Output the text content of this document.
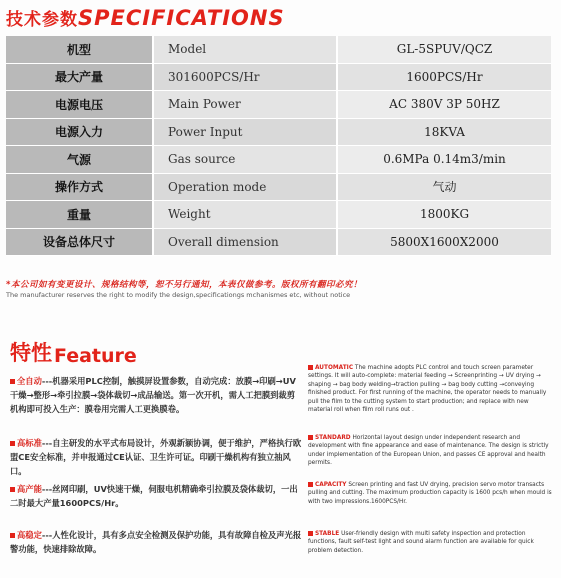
技术参数 SPECIFICATIONS
机型	Model	GL-5SPUV/QCZ
最大产量	301600PCS/Hr	1600PCS/Hr
电源电压	Main Power	AC 380V 3P 50HZ
电源入力	Power Input	18KVA
气源	Gas source	0.6MPa 0.14m3/min
操作方式	Operation mode	气动
重量	Weight	1800KG
设备总体尺寸	Overall dimension	5800X1600X2000
*本公司如有变更设计、规格结构等，恕不另行通知，本表仅做参考。版权所有翻印必究！
The manufacturer reserves the right to modify the design,specificationgs mchanismes etc, without notice
特性 Feature
全自动---机器采用PLC控制，触摸屏设置参数，自动完成：放膜→印刷→UV干燥→整形→牵引拉膜→袋体裁切→成品输送。第一次开机，需人工把膜到裁剪机构即可投入生产：膜卷用完需人工更换膜卷。
AUTOMATIC The machine adopts PLC control and touch screen parameter settings. It will auto-complete: material feeding → Screenprinting → UV drying → shaping → bag body welding→traction pulling → bag body cutting →conveying finished product. For first running of the machine, the operator needs to manually pull the film to the cutting system to start production; and replace with new material roll when film roll runs out .
高标准---自主研发的水平式布局设计，外观新颖协调，便于维护，严格执行欧盟CE安全标准，并申报通过CE认证、卫生许可证。印刷干燥机构有独立抽风口。
STANDARD Horizontal layout design under independent research and development with fine appearance and ease of maintenance. The design is strictly under implementation of the European Union, and passes CE approval and health permits.
高产能---丝网印刷，UV快速干燥，伺服电机精确牵引拉膜及袋体裁切，一出二时最大产量1600PCS/Hr。
CAPACITY Screen printing and fast UV drying, precision servo motor transacts pulling and cutting. The maximum production capacity is 1600 pcs/h when mould is with two impressions.1600PCS/Hr.
高稳定---人性化设计，具有多点安全检测及保护功能，具有故障自检及声光报警功能，快速排除故障。
STABLE User-friendly design with multi safety inspection and protection functions, fault self-test light and sound alarm function are available for quick problem detection.
